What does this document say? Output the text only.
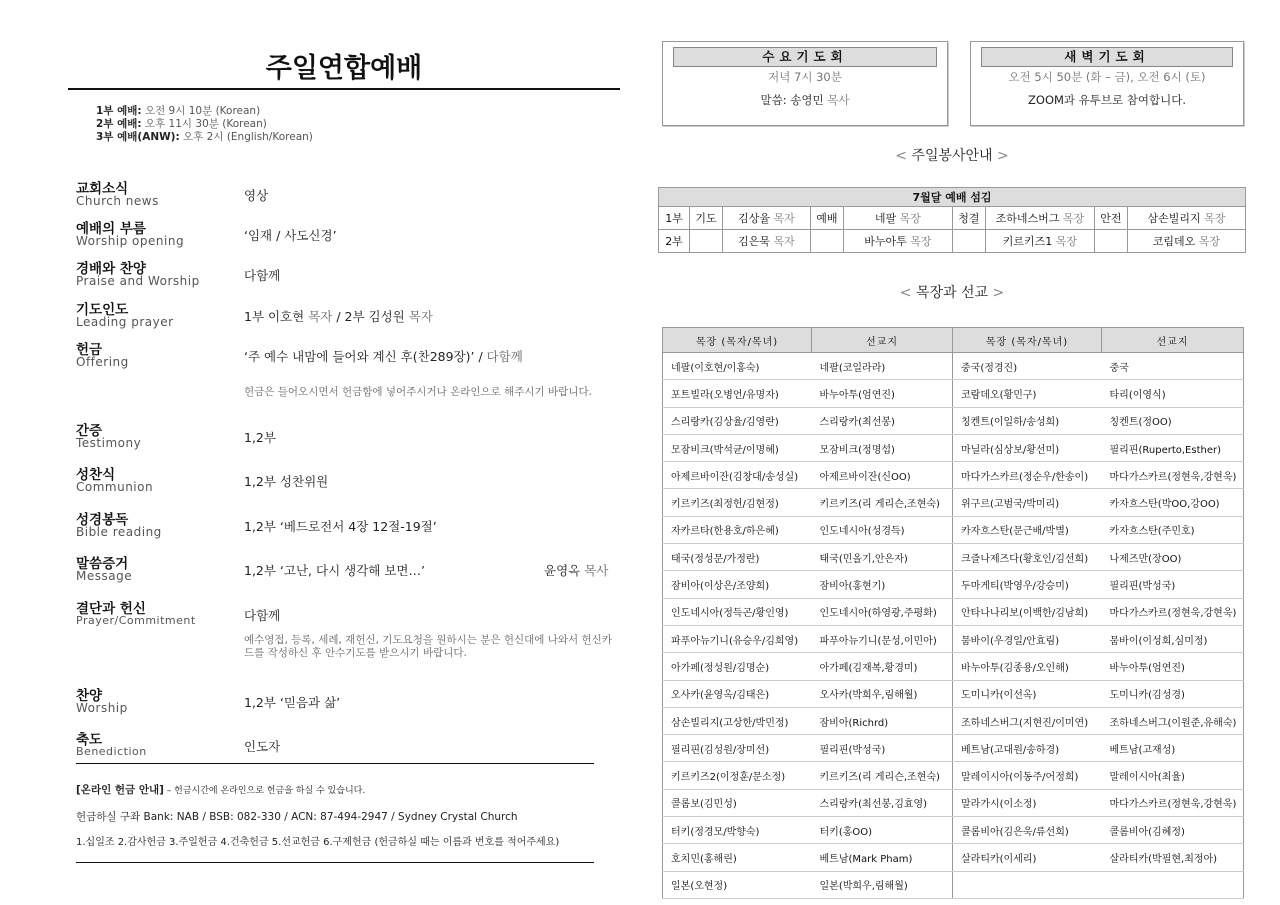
주일연합예배
1부 예배: 오전 9시 10분 (Korean)
2부 예배: 오후 11시 30분 (Korean)
3부 예배(ANW): 오후 2시 (English/Korean)
교회소식
Church news	영상
예배의 부름
Worship opening	‘임재 / 사도신경’
경배와 찬양
Praise and Worship	다함께
기도인도
Leading prayer	1부 이호현 목자 / 2부 김성원 목자
헌금
Offering	‘주 예수 내맘에 들어와 계신 후(찬289장)’ / 다함께
헌금은 들어오시면서 헌금함에 넣어주시거나 온라인으로 해주시기 바랍니다.
간증
Testimony	1,2부
성찬식
Communion	1,2부 성찬위원
성경봉독
Bible reading	1,2부 ‘베드로전서 4장 12절-19절’
말씀증거
Message	1,2부 ‘고난, 다시 생각해 보면…’	윤영옥 목사
결단과 헌신
Prayer/Commitment	다함께
예수영접, 등록, 세례, 재헌신, 기도요청을 원하시는 분은 헌신대에 나와서 헌신카드를 작성하신 후 안수기도를 받으시기 바랍니다.
찬양
Worship	1,2부 ‘믿음과 삶’
축도
Benediction	인도자
[온라인 헌금 안내] – 헌금시간에 온라인으로 헌금을 하실 수 있습니다.
헌금하실 구좌 Bank: NAB / BSB: 082-330 / ACN: 87-494-2947 / Sydney Crystal Church
1.십일조 2.감사헌금 3.주일헌금 4.건축헌금 5.선교헌금 6.구제헌금 (헌금하실 때는 이름과 번호를 적어주세요)
수요기도회
저녁 7시 30분
말씀: 송영민 목사
새벽기도회
오전 5시 50분 (화 – 금), 오전 6시 (토)
ZOOM과 유투브로 참여합니다.
< 주일봉사안내 >
7월달 예배 섬김								
1부	기도	김상율 목자	예배	네팔 목장	청결	조하네스버그 목장	안전	삼손빌리지 목장
2부		김은묵 목자		바누아투 목장		키르키즈1 목장		코림데오 목장
< 목장과 선교 >
목장 (목자/목녀)	선교지	목장 (목자/목녀)	선교지
네팔(이호현/이홍숙)	네팔(코일라라)	중국(정경진)	중국
포트빌라(오병언/유명자)	바누아투(엄연진)	코람데오(황민구)	타리(이영식)
스리랑카(김상율/김영란)	스리랑카(최선봉)	칭켄트(이일하/송성희)	칭켄트(정OO)
모잠비크(박석균/이명혜)	모잠비크(정명섭)	마닐라(심상보/황선미)	필리핀(Ruperto,Esther)
아제르바이잔(김창대/송성실)	아제르바이잔(신OO)	마다가스카르(정순우/한송이)	마다가스카르(정현욱,강현욱)
키르키즈(최정헌/김현정)	키르키즈(리 게리슨,조현숙)	위구르(고범국/박미리)	카자흐스탄(박OO,강OO)
자카르타(한용호/하은혜)	인도네시아(성경득)	카자흐스탄(문근배/박별)	카자흐스탄(주민호)
태국(정성문/가정란)	태국(민올기,안은자)	크즐나제즈다(황호인/김선희)	나제즈만(장OO)
잠비아(이상은/조양희)	잠비아(홍현기)	두마게티(박영우/강승미)	필리핀(박성국)
인도네시아(정득곤/황인영)	인도네시아(하영광,주평화)	안타나나리보(이백한/김남희)	마다가스카르(정현욱,강현욱)
파푸아뉴기니(유승우/김희영)	파푸아뉴기니(문성,이민아)	뭄바이(우경일/안효림)	뭄바이(이성희,심미정)
아가페(정성원/김명순)	아가페(김재복,황경미)	바누아투(김종용/오인해)	바누아투(엄연진)
오사카(윤영옥/김태은)	오사카(박희우,림해월)	도미니카(이선옥)	도미니카(김성경)
삼손빌리지(고상한/박민정)	잠비아(Richrd)	조하네스버그(지현진/이미연)	조하네스버그(이원준,유해숙)
필리핀(김성원/장미선)	필리핀(박성국)	베트남(고대원/송하경)	베트남(고재성)
키르키즈2(이정훈/문소정)	키르키즈(리 게리슨,조현숙)	말레이시아(이동주/어정희)	말레이시아(최율)
콜롬보(김민성)	스리랑카(최선봉,김효영)	말라가시(이소정)	마다가스카르(정현욱,강현욱)
터키(정경모/박향숙)	터키(홍OO)	콜롬비아(김은욱/류선희)	콜롬비아(김혜정)
호치민(홍해린)	베트남(Mark Pham)	살라티카(이세리)	살라티카(박필현,최정아)
일본(오현정)	일본(박희우,림해월)		
